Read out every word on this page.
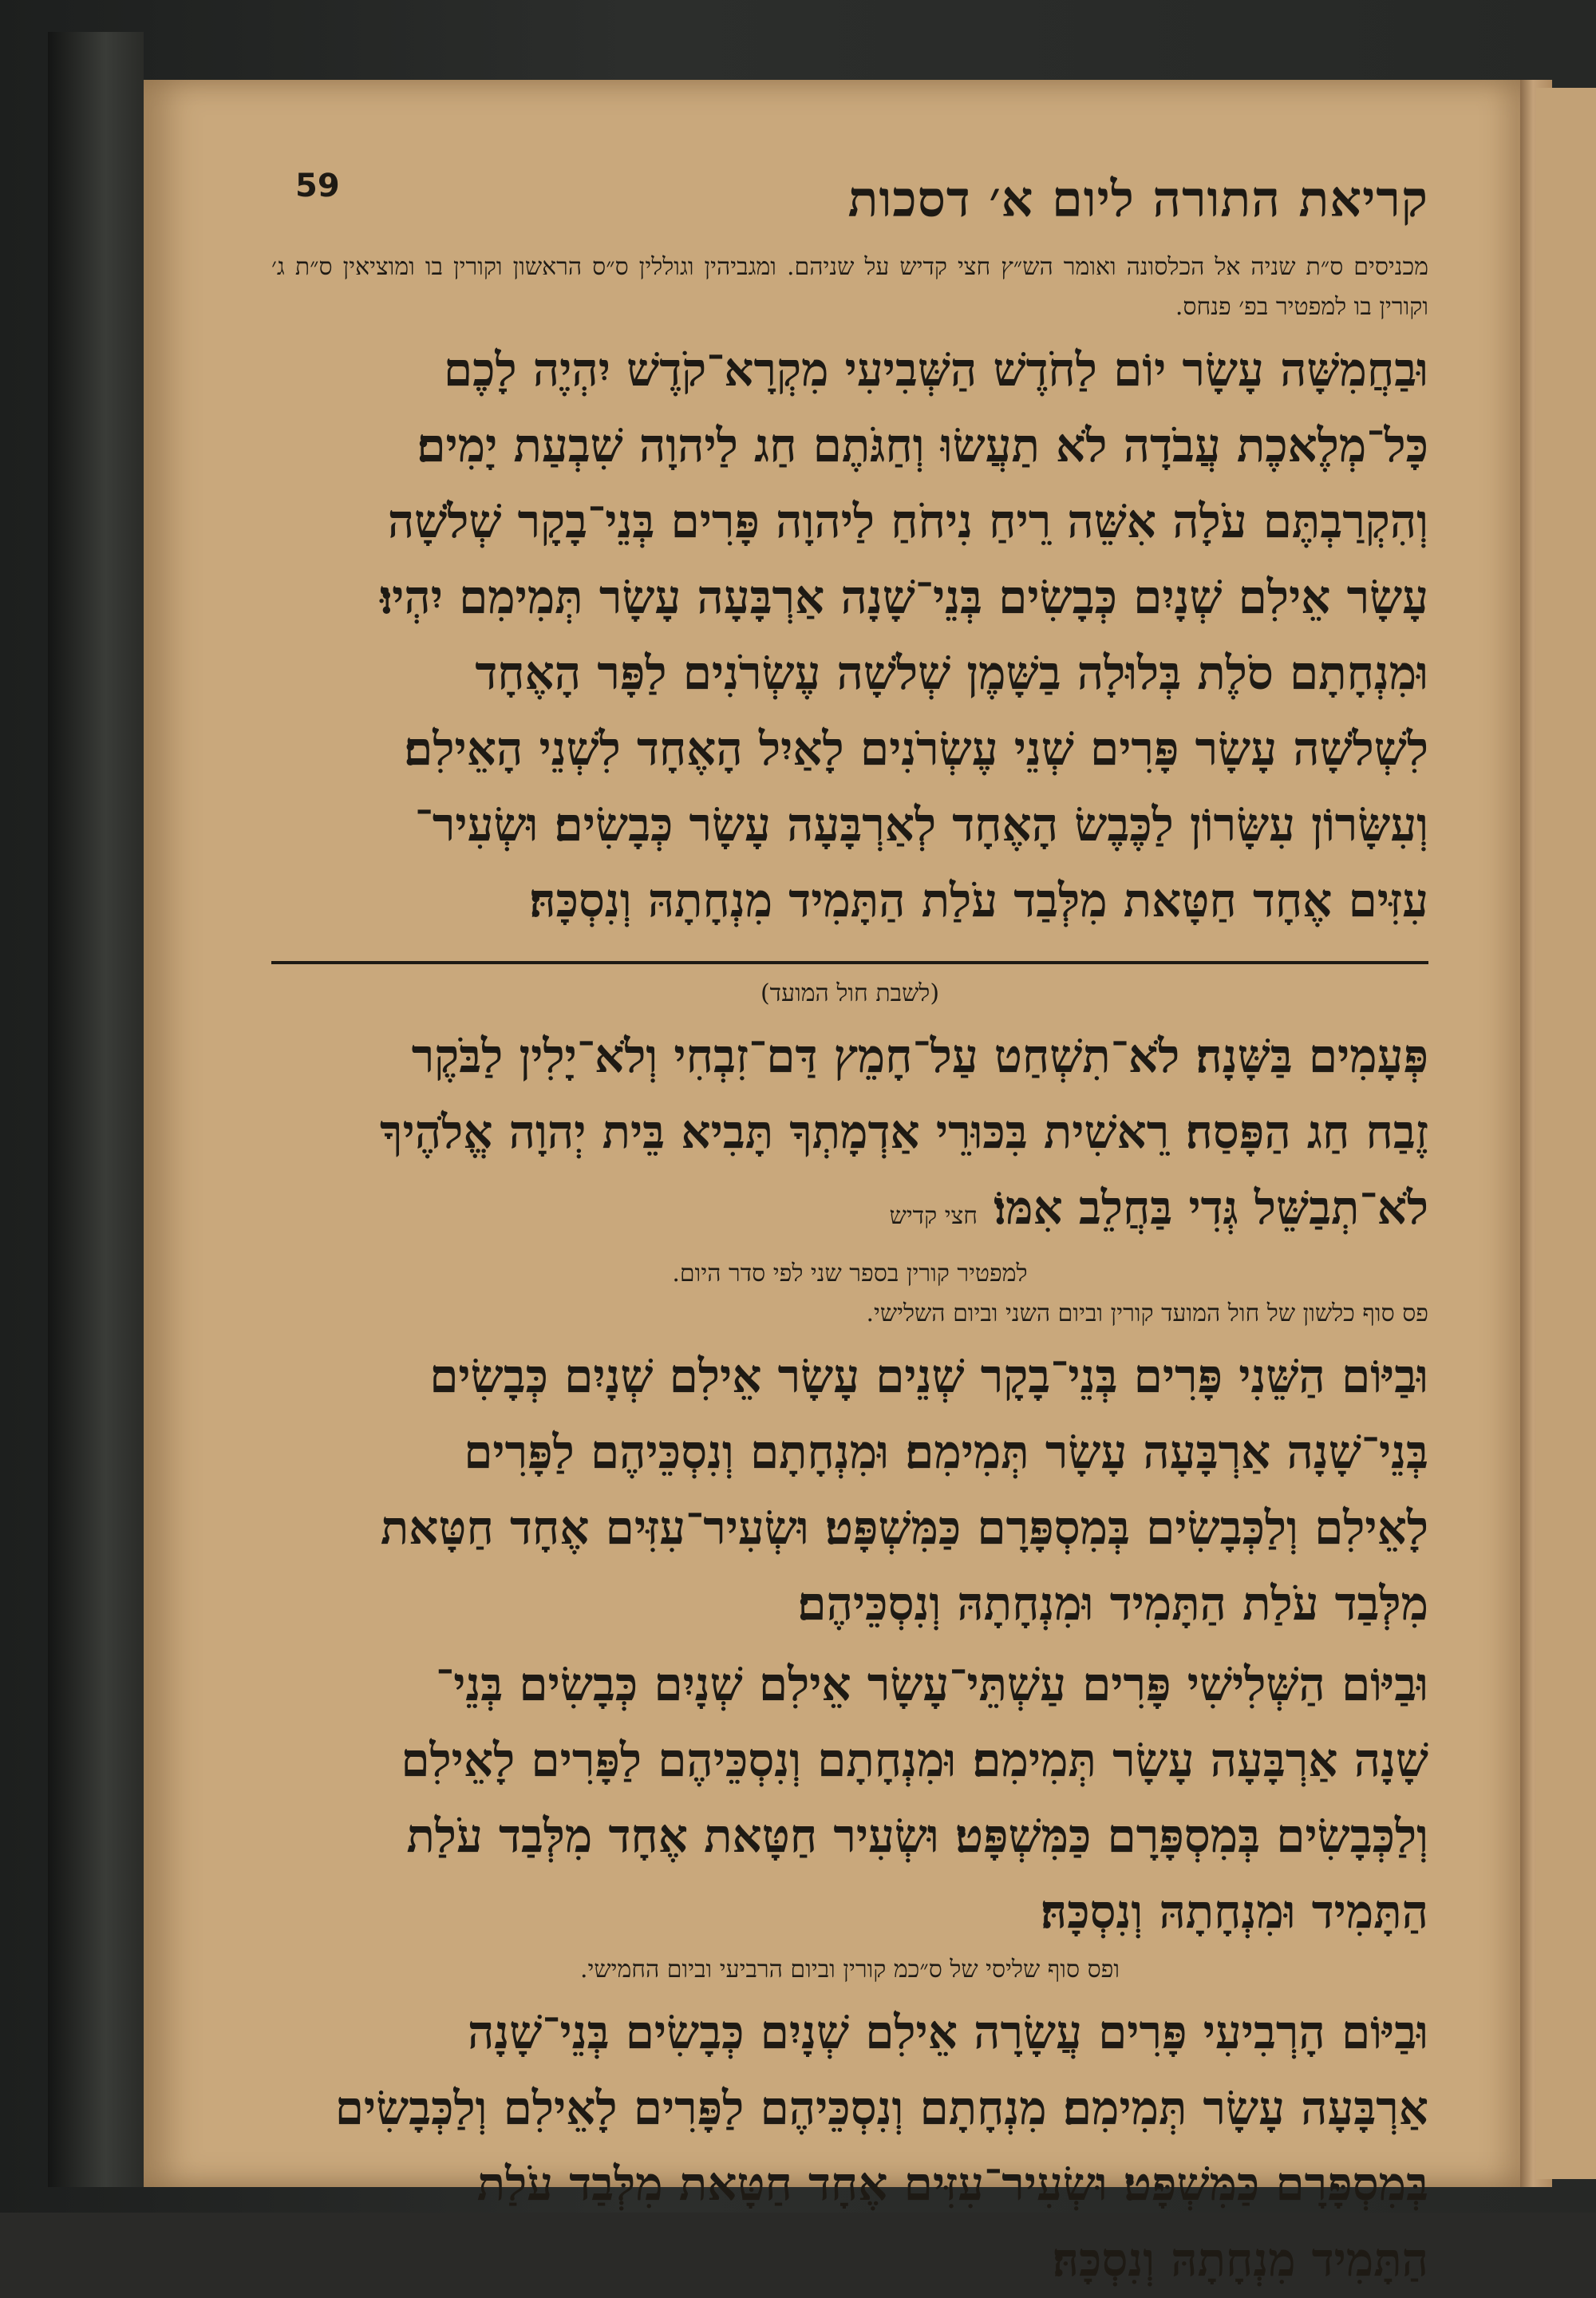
קריאת התורה ליום א׳ דסכות
59
מכניסים ס״ת שניה אל הכלסונה ואומר הש״ץ חצי קדיש על שניהם. ומגביהין וגוללין ס״ס הראשון וקורין בו ומוציאין ס״ת ג׳ וקורין בו למפטיר בפ׳ פנחס.

וּבַחֲמִשָּׁה עָשָׂר יוֹם לַחֹדֶשׁ הַשְּׁבִיעִי מִקְרָא־קֹדֶשׁ יִהְיֶה לָכֶם

כָּל־מְלֶאכֶת עֲבֹדָה לֹא תַעֲשׂוּ וְחַגֹּתֶם חַג לַיהוָה שִׁבְעַת יָמִים׃

וְהִקְרַבְתֶּם עֹלָה אִשֵּׁה רֵיחַ נִיחֹחַ לַיהוָה פָּרִים בְּנֵי־בָקָר שְׁלֹשָׁה

עָשָׂר אֵילִם שְׁנָיִם כְּבָשִׂים בְּנֵי־שָׁנָה אַרְבָּעָה עָשָׂר תְּמִימִם יִהְיוּ׃

וּמִנְחָתָם סֹלֶת בְּלוּלָה בַשָּׁמֶן שְׁלֹשָׁה עֶשְׂרֹנִים לַפָּר הָאֶחָד

לִשְׁלֹשָׁה עָשָׂר פָּרִים שְׁנֵי עֶשְׂרֹנִים לָאַיִל הָאֶחָד לִשְׁנֵי הָאֵילִם׃

וְעִשָּׂרוֹן עִשָּׂרוֹן לַכֶּבֶשׂ הָאֶחָד לְאַרְבָּעָה עָשָׂר כְּבָשִׂים׃ וּשְׂעִיר־

עִזִּים אֶחָד חַטָּאת מִלְּבַד עֹלַת הַתָּמִיד מִנְחָתָהּ וְנִסְכָּהּ׃

(לשבת חול המועד)

פְּעָמִים בַּשָּׁנָה׃ לֹא־תִשְׁחַט עַל־חָמֵץ דַּם־זִבְחִי וְלֹא־יָלִין לַבֹּקֶר

זֶבַח חַג הַפָּסַח׃ רֵאשִׁית בִּכּוּרֵי אַדְמָתְךָ תָּבִיא בֵּית יְהוָה אֱלֹהֶיךָ

לֹא־תְבַשֵּׁל גְּדִי בַּחֲלֵב אִמּוֹ׃ חצי קדיש

למפטיר קורין בספר שני לפי סדר היום.
פס סוף כלשון של חול המועד קורין וביום השני וביום השלישי.

וּבַיּוֹם הַשֵּׁנִי פָּרִים בְּנֵי־בָקָר שְׁנֵים עָשָׂר אֵילִם שְׁנָיִם כְּבָשִׂים

בְּנֵי־שָׁנָה אַרְבָּעָה עָשָׂר תְּמִימִם׃ וּמִנְחָתָם וְנִסְכֵּיהֶם לַפָּרִים

לָאֵילִם וְלַכְּבָשִׂים בְּמִסְפָּרָם כַּמִּשְׁפָּט׃ וּשְׂעִיר־עִזִּים אֶחָד חַטָּאת

מִלְּבַד עֹלַת הַתָּמִיד וּמִנְחָתָהּ וְנִסְכֵּיהֶם׃

וּבַיּוֹם הַשְּׁלִישִׁי פָּרִים עַשְׁתֵּי־עָשָׂר אֵילִם שְׁנָיִם כְּבָשִׂים בְּנֵי־

שָׁנָה אַרְבָּעָה עָשָׂר תְּמִימִם׃ וּמִנְחָתָם וְנִסְכֵּיהֶם לַפָּרִים לָאֵילִם

וְלַכְּבָשִׂים בְּמִסְפָּרָם כַּמִּשְׁפָּט׃ וּשְׂעִיר חַטָּאת אֶחָד מִלְּבַד עֹלַת

הַתָּמִיד וּמִנְחָתָהּ וְנִסְכָּהּ׃

ופס סוף שליסי של ס״כמ קורין וביום הרביעי וביום החמישי.

וּבַיּוֹם הָרְבִיעִי פָּרִים עֲשָׂרָה אֵילִם שְׁנָיִם כְּבָשִׂים בְּנֵי־שָׁנָה

אַרְבָּעָה עָשָׂר תְּמִימִם׃ מִנְחָתָם וְנִסְכֵּיהֶם לַפָּרִים לָאֵילִם וְלַכְּבָשִׂים

בְּמִסְפָּרָם כַּמִּשְׁפָּט׃ וּשְׂעִיר־עִזִּים אֶחָד חַטָּאת מִלְּבַד עֹלַת

הַתָּמִיד מִנְחָתָהּ וְנִסְכָּהּ׃
